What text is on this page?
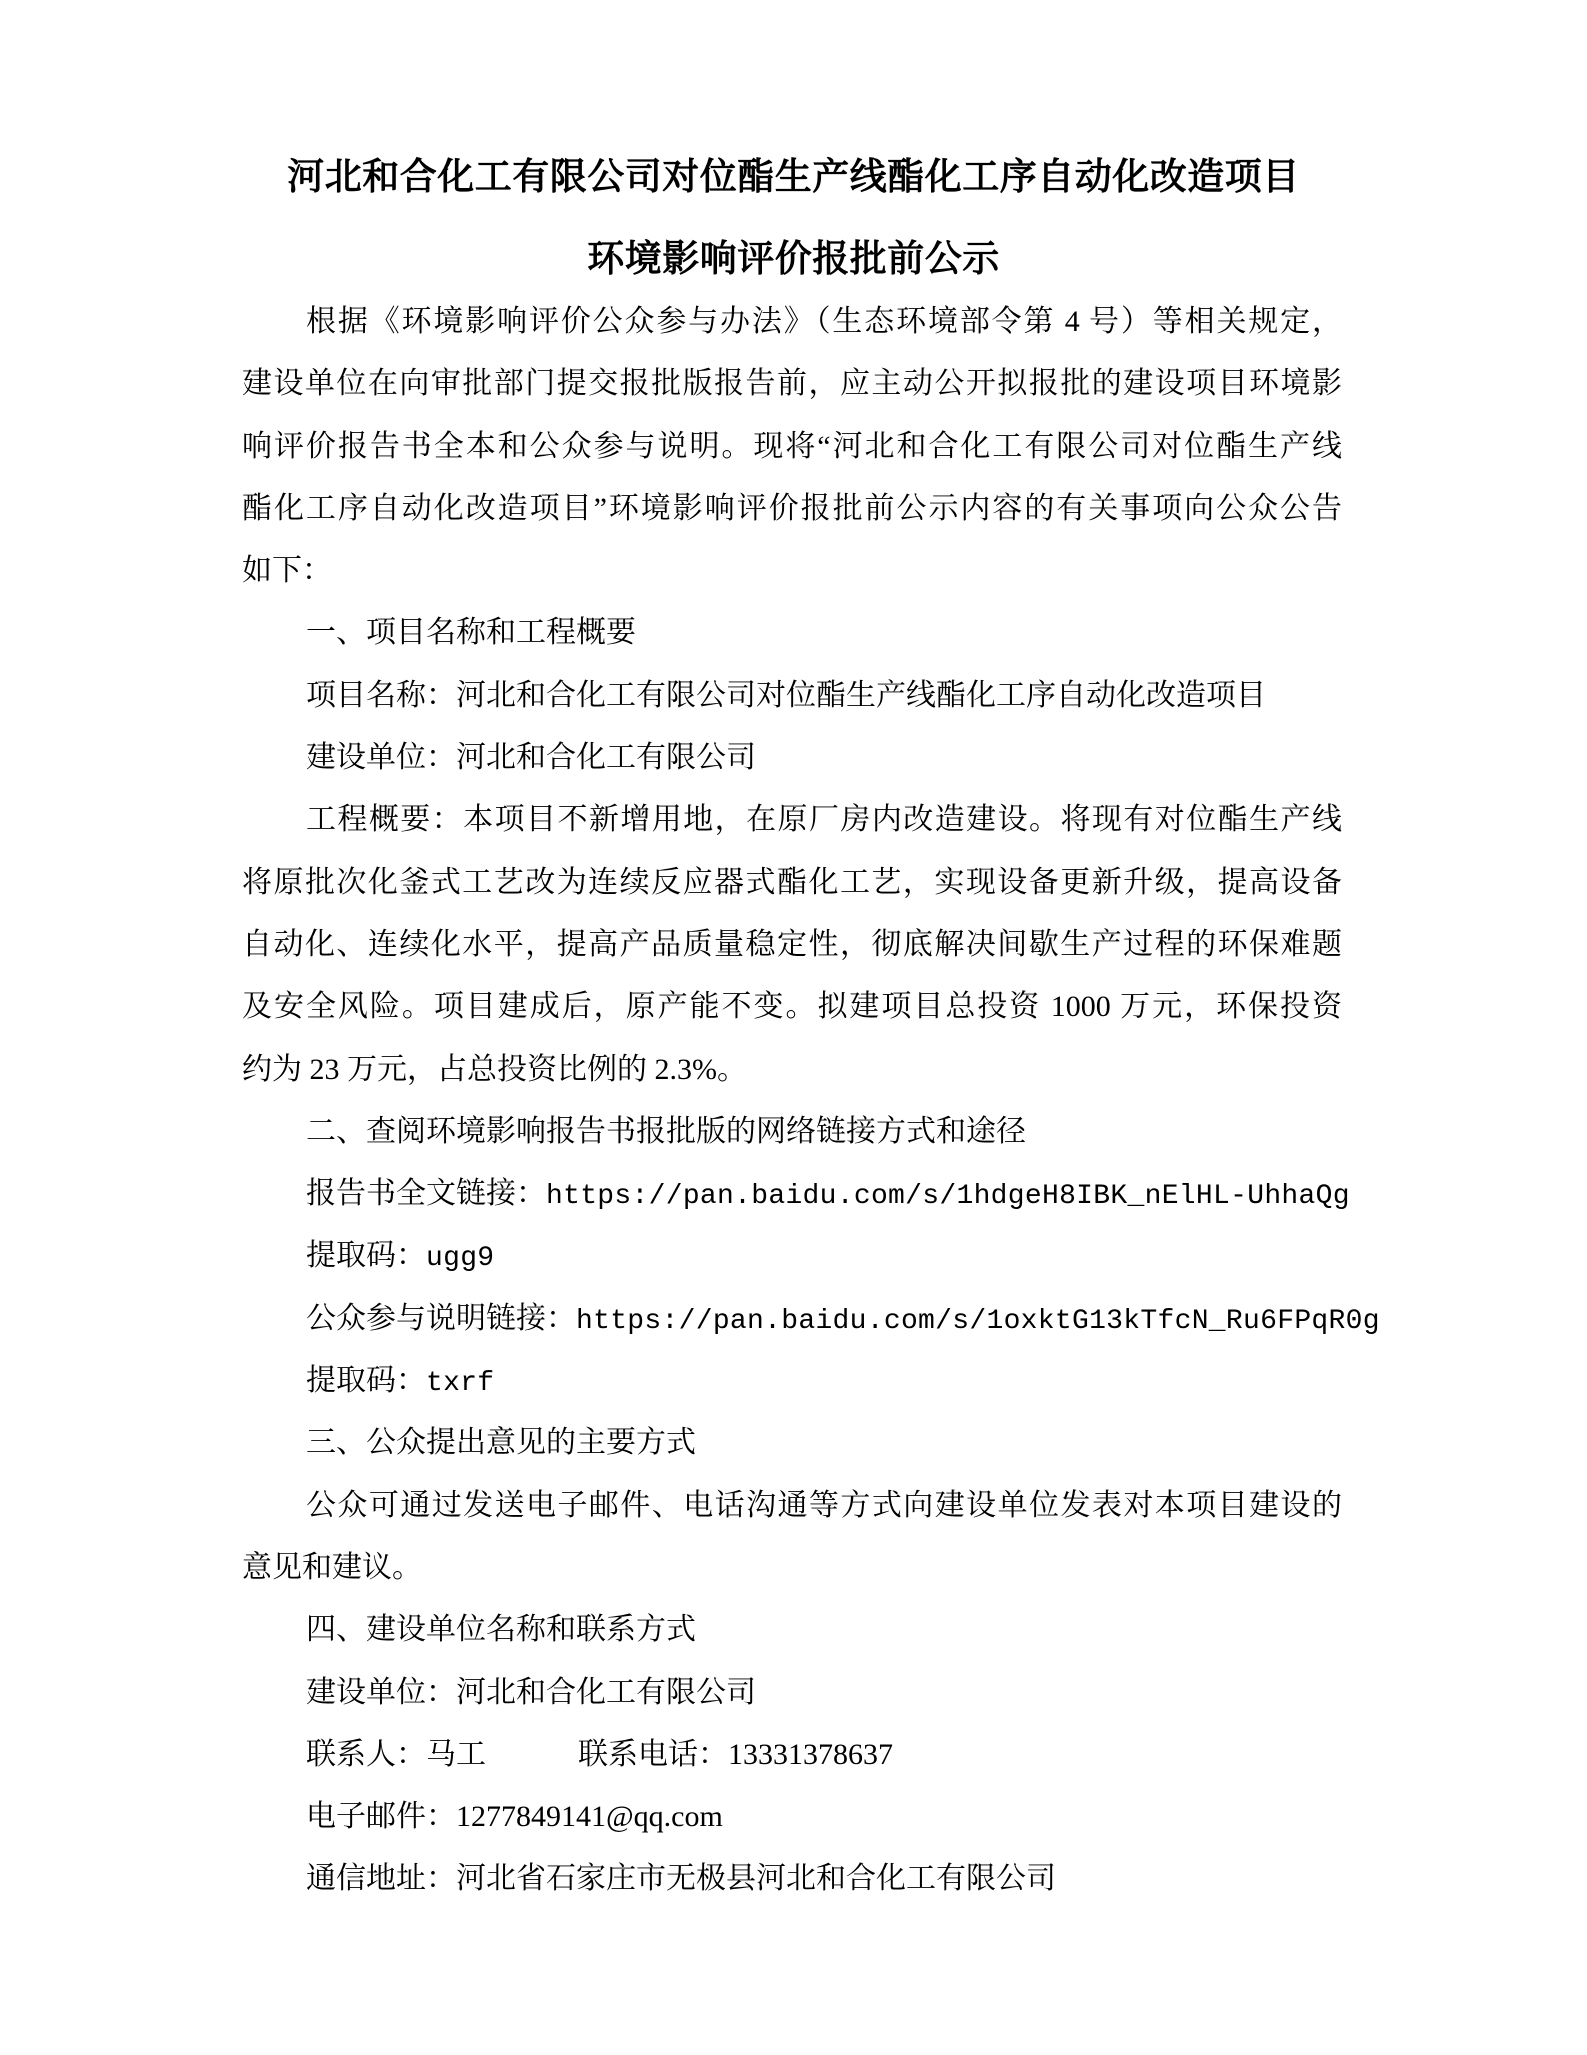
河北和合化工有限公司对位酯生产线酯化工序自动化改造项目
环境影响评价报批前公示
根据《环境影响评价公众参与办法》（生态环境部令第 4 号）等相关规定，
建设单位在向审批部门提交报批版报告前，应主动公开拟报批的建设项目环境影
响评价报告书全本和公众参与说明。现将“河北和合化工有限公司对位酯生产线
酯化工序自动化改造项目”环境影响评价报批前公示内容的有关事项向公众公告
如下：
一、项目名称和工程概要
项目名称：河北和合化工有限公司对位酯生产线酯化工序自动化改造项目
建设单位：河北和合化工有限公司
工程概要：本项目不新增用地，在原厂房内改造建设。将现有对位酯生产线
将原批次化釜式工艺改为连续反应器式酯化工艺，实现设备更新升级，提高设备
自动化、连续化水平，提高产品质量稳定性，彻底解决间歇生产过程的环保难题
及安全风险。项目建成后，原产能不变。拟建项目总投资 1000 万元，环保投资
约为 23 万元，占总投资比例的 2.3%。
二、查阅环境影响报告书报批版的网络链接方式和途径
报告书全文链接：https://pan.baidu.com/s/1hdgeH8IBK_nElHL-UhhaQg
提取码：ugg9
公众参与说明链接：https://pan.baidu.com/s/1oxktG13kTfcN_Ru6FPqR0g
提取码：txrf
三、公众提出意见的主要方式
公众可通过发送电子邮件、电话沟通等方式向建设单位发表对本项目建设的
意见和建议。
四、建设单位名称和联系方式
建设单位：河北和合化工有限公司
联系人：马工	联系电话：13331378637
电子邮件：1277849141@qq.com
通信地址：河北省石家庄市无极县河北和合化工有限公司
